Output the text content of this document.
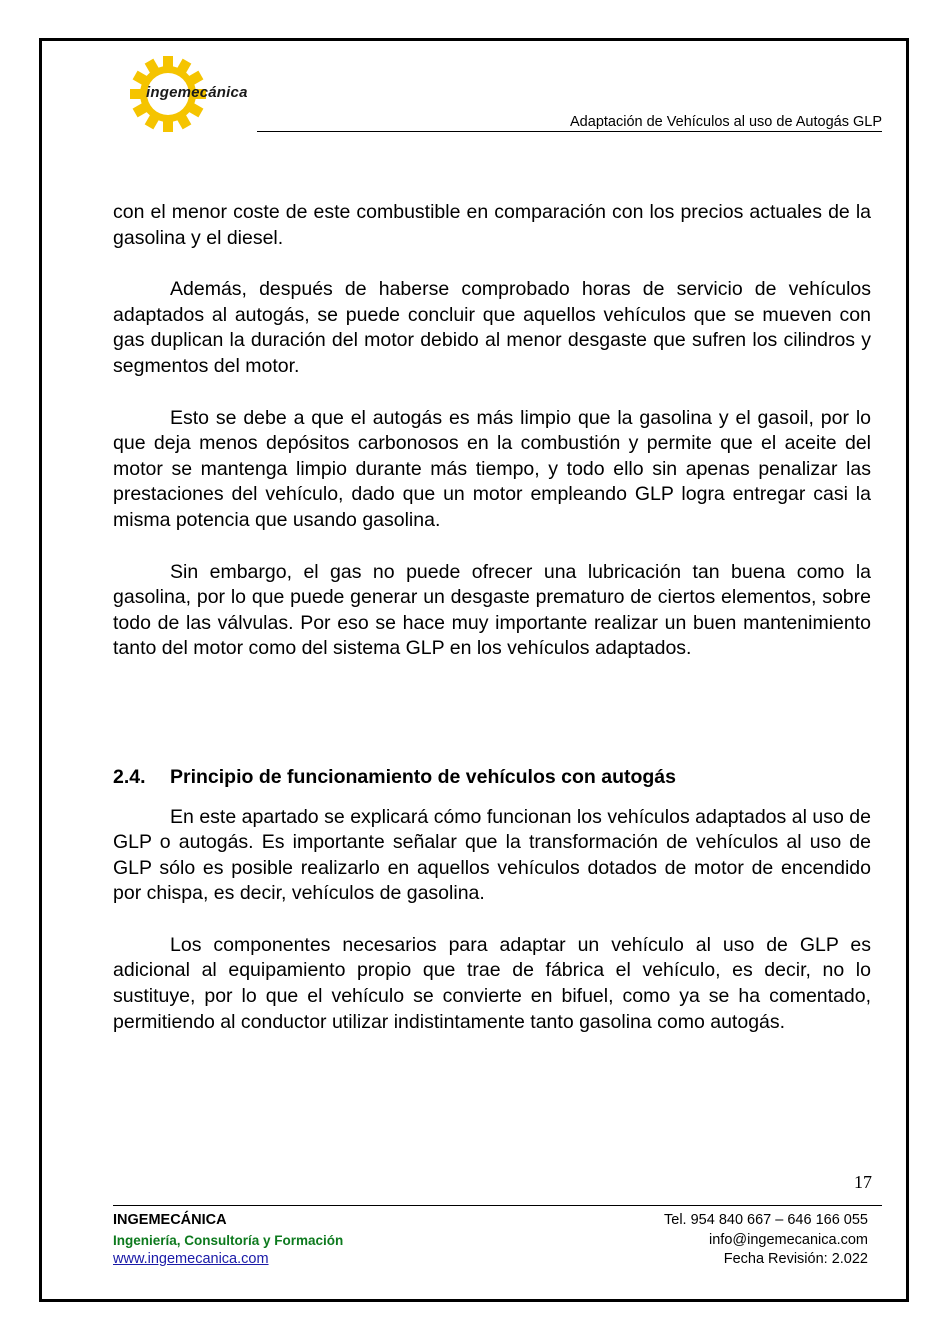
ingemecánica
Adaptación de Vehículos al uso de Autogás GLP

con el menor coste de este combustible en comparación con los precios actuales de la gasolina y el diesel.

Además, después de haberse comprobado horas de servicio de vehículos adaptados al autogás, se puede concluir que aquellos vehículos que se mueven con gas duplican la duración del motor debido al menor desgaste que sufren los cilindros y segmentos del motor.

Esto se debe a que el autogás es más limpio que la gasolina y el gasoil, por lo que deja menos depósitos carbonosos en la combustión y permite que el aceite del motor se mantenga limpio durante más tiempo, y todo ello sin apenas penalizar las prestaciones del vehículo, dado que un motor empleando GLP logra entregar casi la misma potencia que usando gasolina.

Sin embargo, el gas no puede ofrecer una lubricación tan buena como la gasolina, por lo que puede generar un desgaste prematuro de ciertos elementos, sobre todo de las válvulas. Por eso se hace muy importante realizar un buen mantenimiento tanto del motor como del sistema GLP en los vehículos adaptados.

2.4. Principio de funcionamiento de vehículos con autogás

En este apartado se explicará cómo funcionan los vehículos adaptados al uso de GLP o autogás. Es importante señalar que la transformación de vehículos al uso de GLP sólo es posible realizarlo en aquellos vehículos dotados de motor de encendido por chispa, es decir, vehículos de gasolina.

Los componentes necesarios para adaptar un vehículo al uso de GLP es adicional al equipamiento propio que trae de fábrica el vehículo, es decir, no lo sustituye, por lo que el vehículo se convierte en bifuel, como ya se ha comentado, permitiendo al conductor utilizar indistintamente tanto gasolina como autogás.

17
INGEMECÁNICA
Ingeniería, Consultoría y Formación
www.ingemecanica.com
Tel. 954 840 667 – 646 166 055
info@ingemecanica.com
Fecha Revisión: 2.022
